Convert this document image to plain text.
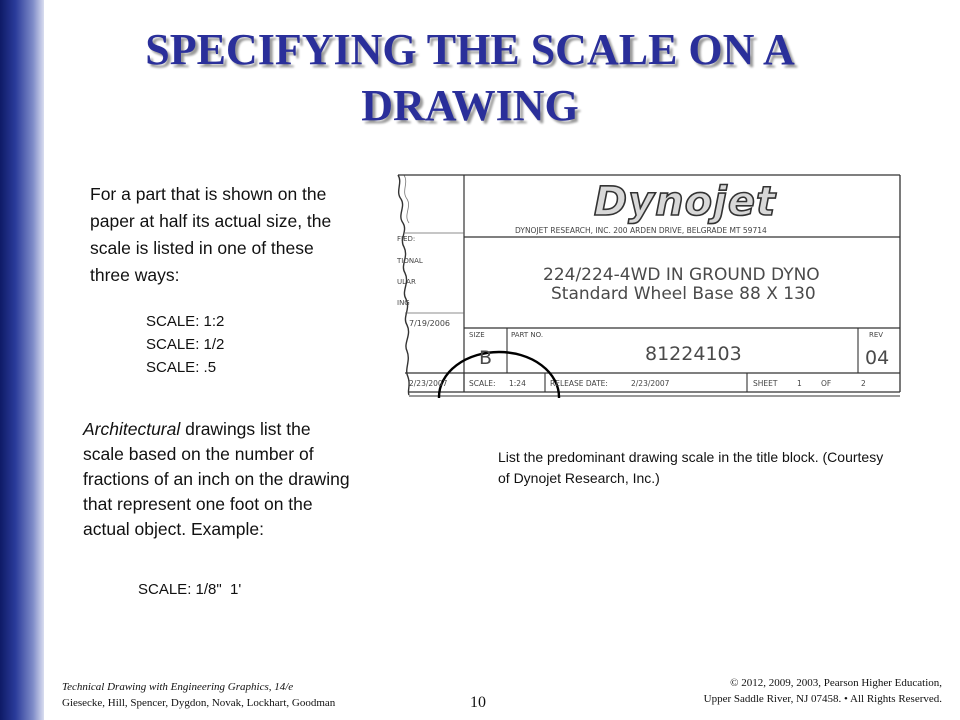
SPECIFYING THE SCALE ON A
DRAWING
For a part that is shown on the paper at half its actual size, the scale is listed in one of these three ways:
SCALE: 1:2
SCALE: 1/2
SCALE: .5
Architectural drawings list the scale based on the number of fractions of an inch on the drawing that represent one foot on the actual object. Example:
SCALE: 1/8"  1'
Dynojet
DYNOJET RESEARCH, INC. 200 ARDEN DRIVE, BELGRADE MT 59714
224/224-4WD IN GROUND DYNO
Standard Wheel Base 88 X 130
FIED:
TIONAL
ULAR
ING
7/19/2006
SIZE
B
PART NO.
81224103
REV
04
2/23/2007	SCALE: 1:24	RELEASE DATE:	2/23/2007	SHEET	1	OF	2
List the predominant drawing scale in the title block. (Courtesy of Dynojet Research, Inc.)
Technical Drawing with Engineering Graphics, 14/e
Giesecke, Hill, Spencer, Dygdon, Novak, Lockhart, Goodman	10
© 2012, 2009, 2003, Pearson Higher Education,
Upper Saddle River, NJ 07458. • All Rights Reserved.
